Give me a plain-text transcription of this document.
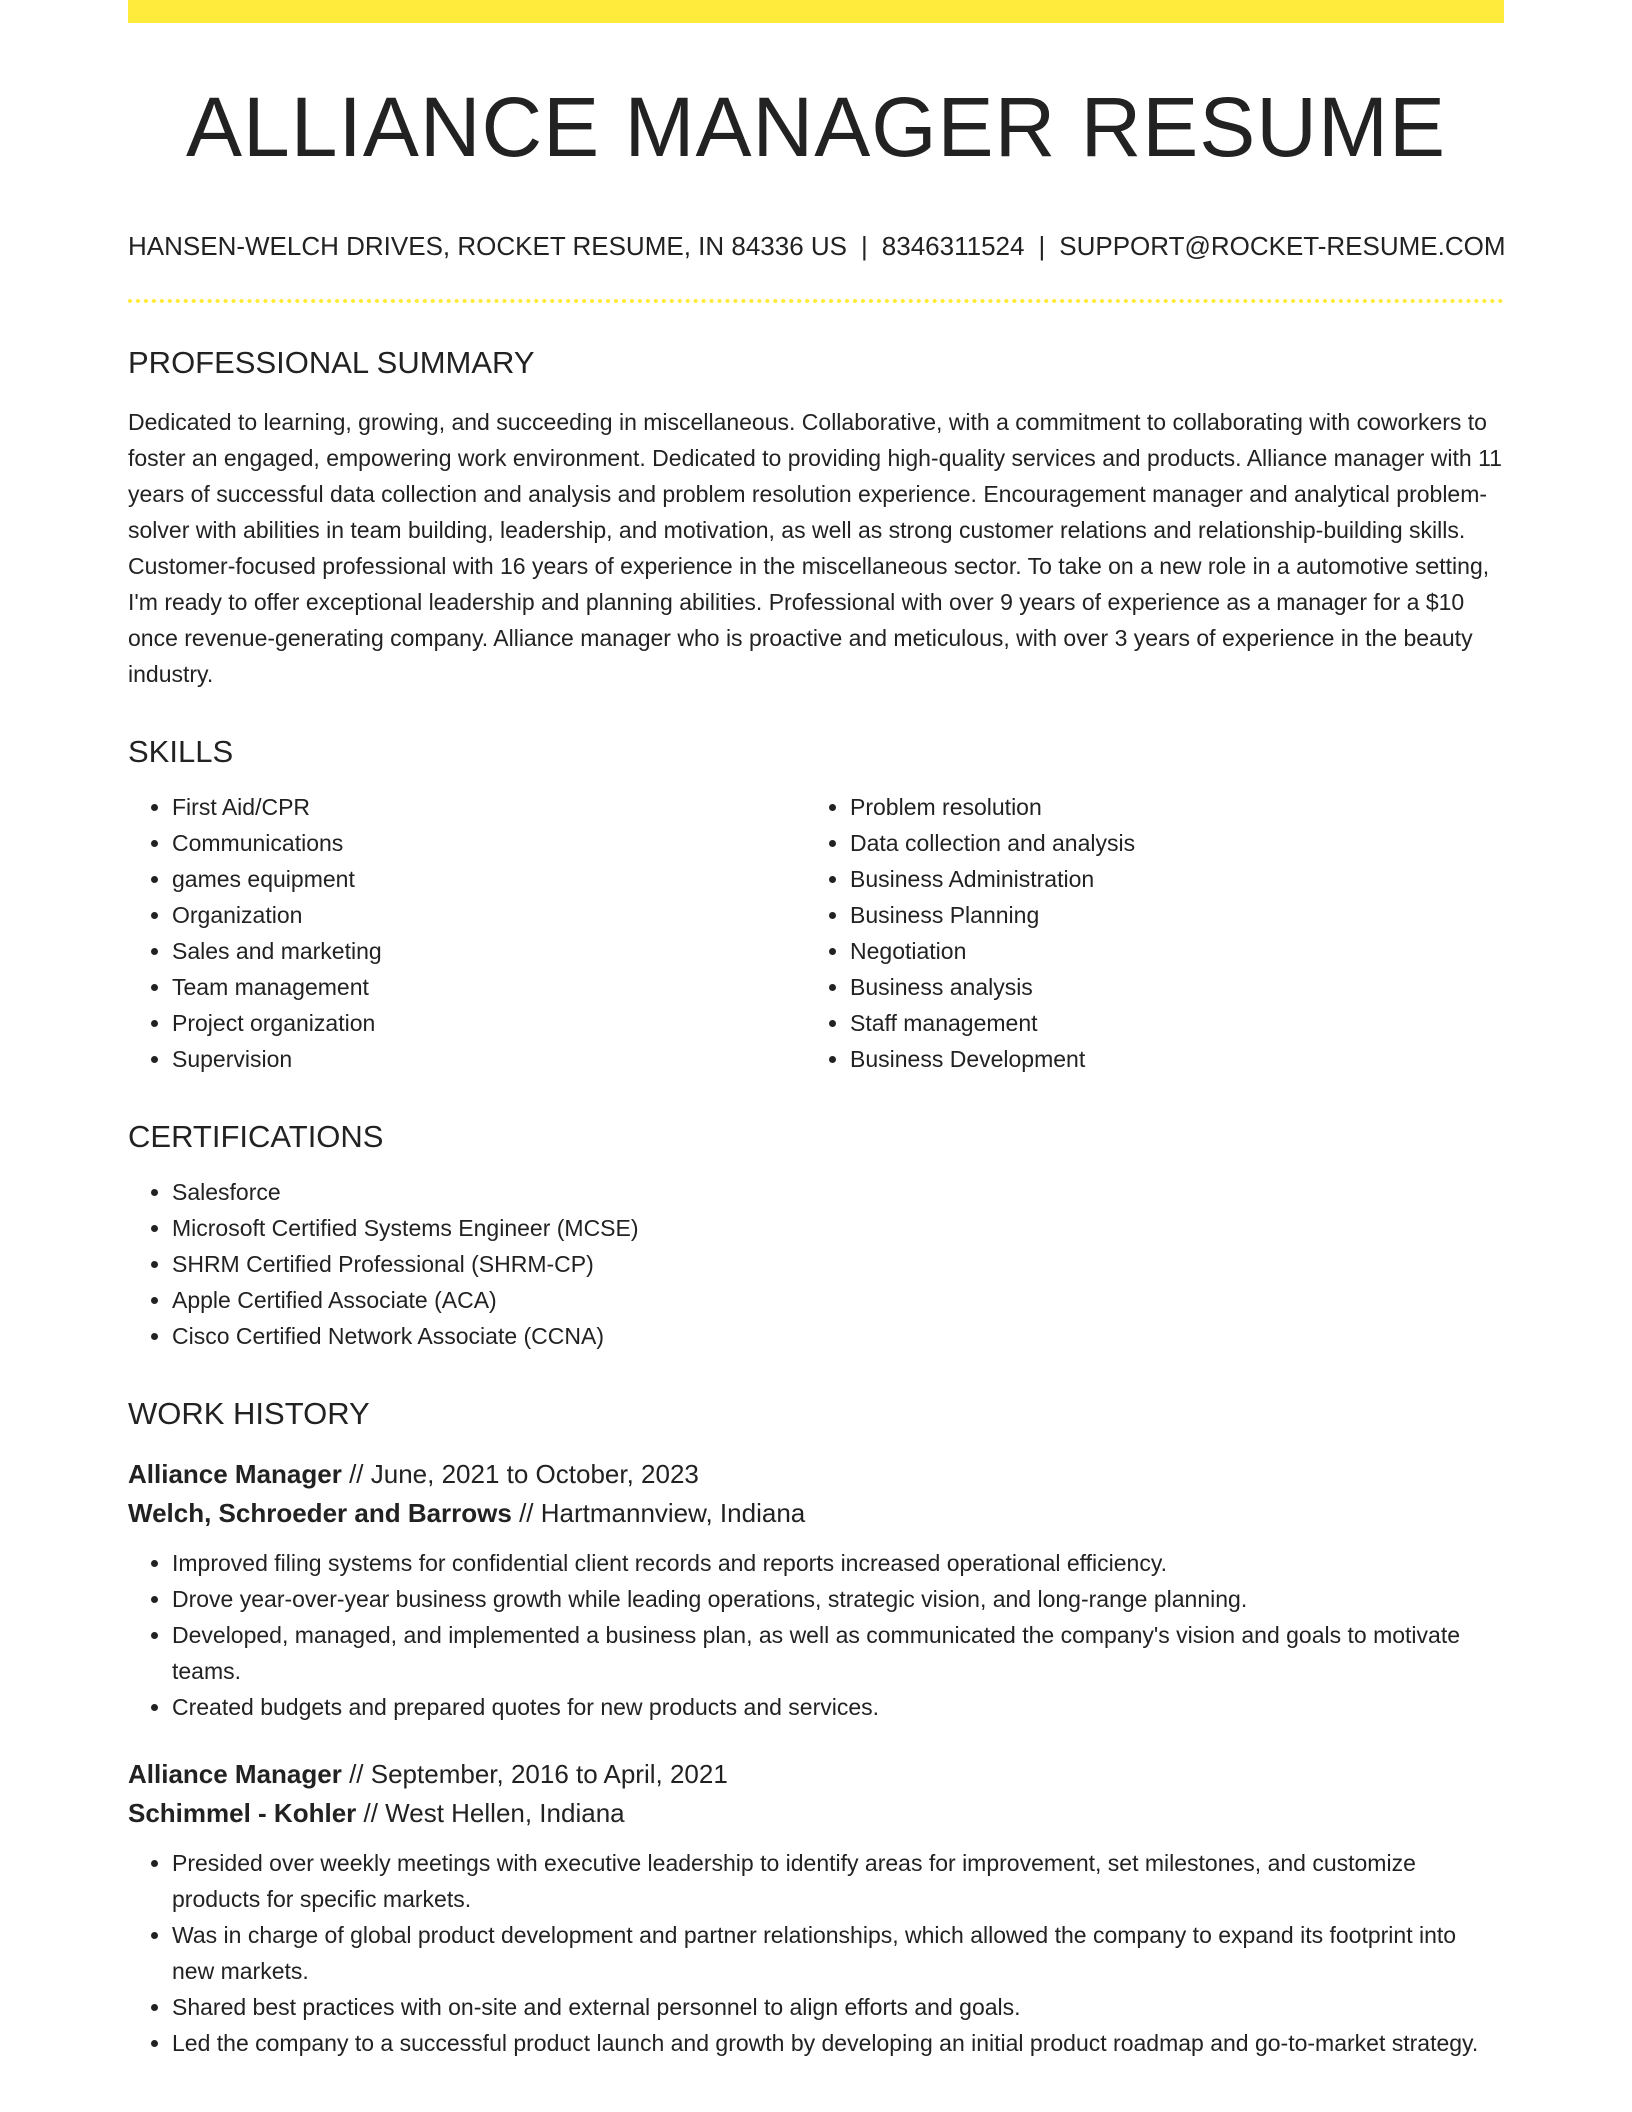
ALLIANCE MANAGER RESUME
HANSEN-WELCH DRIVES, ROCKET RESUME, IN 84336 US | 8346311524 | SUPPORT@ROCKET-RESUME.COM
PROFESSIONAL SUMMARY

Dedicated to learning, growing, and succeeding in miscellaneous. Collaborative, with a commitment to collaborating with coworkers to foster an engaged, empowering work environment. Dedicated to providing high-quality services and products. Alliance manager with 11 years of successful data collection and analysis and problem resolution experience. Encouragement manager and analytical problem-solver with abilities in team building, leadership, and motivation, as well as strong customer relations and relationship-building skills. Customer-focused professional with 16 years of experience in the miscellaneous sector. To take on a new role in a automotive setting, I'm ready to offer exceptional leadership and planning abilities. Professional with over 9 years of experience as a manager for a $10 once revenue-generating company. Alliance manager who is proactive and meticulous, with over 3 years of experience in the beauty industry.

SKILLS
• First Aid/CPR
• Communications
• games equipment
• Organization
• Sales and marketing
• Team management
• Project organization
• Supervision
• Problem resolution
• Data collection and analysis
• Business Administration
• Business Planning
• Negotiation
• Business analysis
• Staff management
• Business Development
CERTIFICATIONS
• Salesforce
• Microsoft Certified Systems Engineer (MCSE)
• SHRM Certified Professional (SHRM-CP)
• Apple Certified Associate (ACA)
• Cisco Certified Network Associate (CCNA)
WORK HISTORY
Alliance Manager // June, 2021 to October, 2023
Welch, Schroeder and Barrows // Hartmannview, Indiana
• Improved filing systems for confidential client records and reports increased operational efficiency.
• Drove year-over-year business growth while leading operations, strategic vision, and long-range planning.
• Developed, managed, and implemented a business plan, as well as communicated the company's vision and goals to motivate teams.
• Created budgets and prepared quotes for new products and services.
Alliance Manager // September, 2016 to April, 2021
Schimmel - Kohler // West Hellen, Indiana
• Presided over weekly meetings with executive leadership to identify areas for improvement, set milestones, and customize products for specific markets.
• Was in charge of global product development and partner relationships, which allowed the company to expand its footprint into new markets.
• Shared best practices with on-site and external personnel to align efforts and goals.
• Led the company to a successful product launch and growth by developing an initial product roadmap and go-to-market strategy.
